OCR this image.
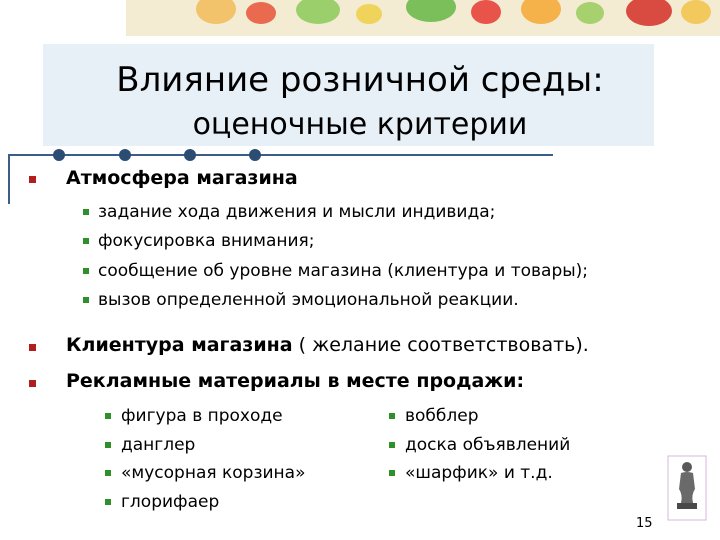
Влияние розничной среды:
оценочные критерии
Атмосфера магазина
задание хода движения и мысли индивида;
фокусировка внимания;
сообщение об уровне магазина (клиентура и товары);
вызов определенной эмоциональной реакции.
Клиентура магазина ( желание соответствовать).
Рекламные материалы в месте продажи:
фигура в проходе
данглер
«мусорная корзина»
глорифаер
вобблер
доска объявлений
«шарфик» и т.д.
15
